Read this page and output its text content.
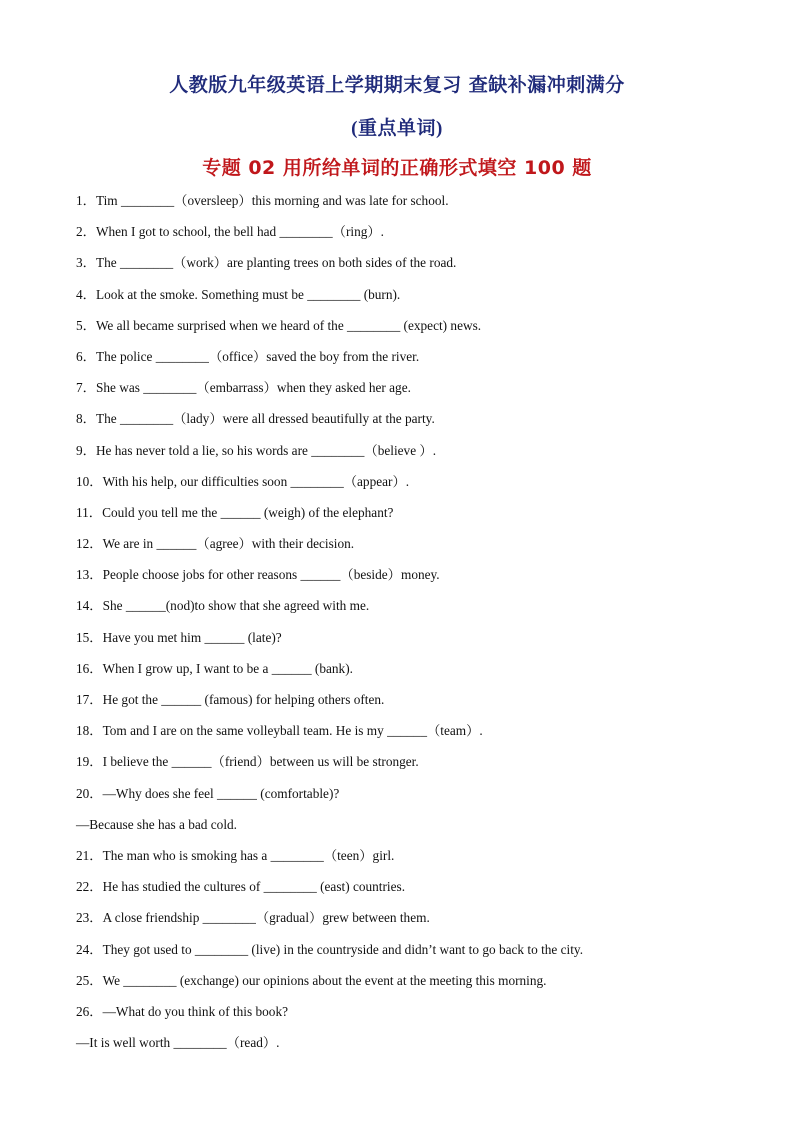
人教版九年级英语上学期期末复习 查缺补漏冲刺满分
(重点单词)
专题 02 用所给单词的正确形式填空 100 题
1．Tim ________（oversleep）this morning and was late for school.
2．When I got to school, the bell had ________（ring）.
3．The ________（work）are planting trees on both sides of the road.
4．Look at the smoke. Something must be ________ (burn).
5．We all became surprised when we heard of the ________ (expect) news.
6．The police ________（office）saved the boy from the river.
7．She was ________（embarrass）when they asked her age.
8．The ________（lady）were all dressed beautifully at the party.
9．He has never told a lie, so his words are ________（believe ）.
10．With his help, our difficulties soon ________（appear）.
11．Could you tell me the ______ (weigh) of the elephant?
12．We are in ______（agree）with their decision.
13．People choose jobs for other reasons ______（beside）money.
14．She ______(nod)to show that she agreed with me.
15．Have you met him ______ (late)?
16．When I grow up, I want to be a ______ (bank).
17．He got the ______ (famous) for helping others often.
18．Tom and I are on the same volleyball team. He is my ______（team）.
19．I believe the ______（friend）between us will be stronger.
20．—Why does she feel ______ (comfortable)?
—Because she has a bad cold.
21．The man who is smoking has a ________（teen）girl.
22．He has studied the cultures of ________ (east) countries.
23．A close friendship ________（gradual）grew between them.
24．They got used to ________ (live) in the countryside and didn’t want to go back to the city.
25．We ________ (exchange) our opinions about the event at the meeting this morning.
26．—What do you think of this book?
—It is well worth ________（read）.
